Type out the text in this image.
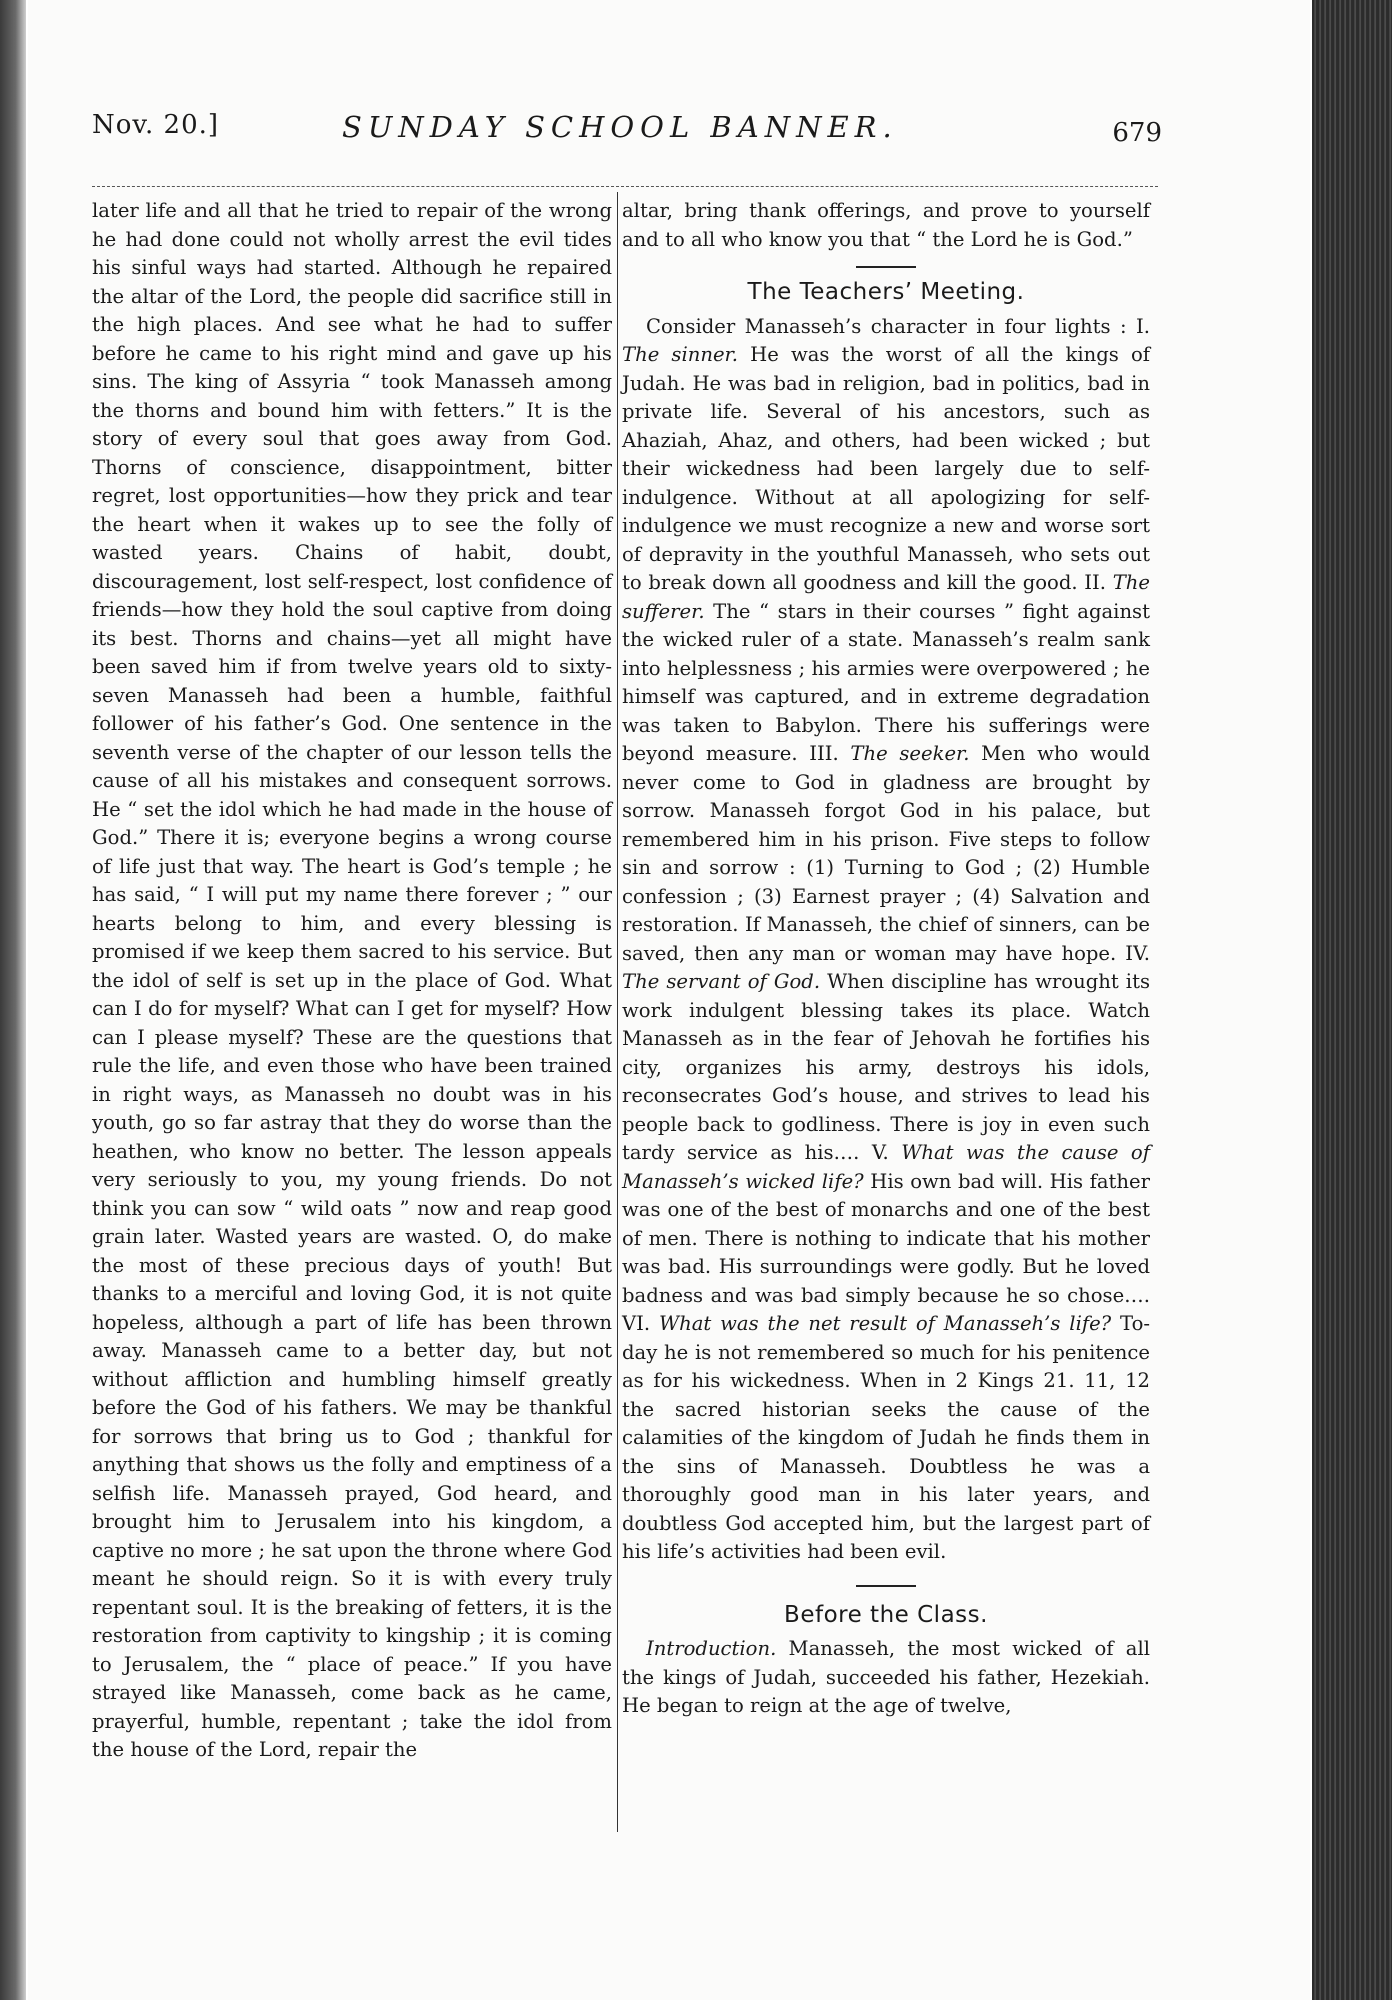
Nov. 20.]	SUNDAY SCHOOL BANNER.	679

later life and all that he tried to repair of the wrong he had done could not wholly arrest the evil tides his sinful ways had started. Although he repaired the altar of the Lord, the people did sacrifice still in the high places. And see what he had to suffer before he came to his right mind and gave up his sins. The king of Assyria “ took Manasseh among the thorns and bound him with fetters.” It is the story of every soul that goes away from God. Thorns of conscience, disappointment, bitter regret, lost opportunities—how they prick and tear the heart when it wakes up to see the folly of wasted years. Chains of habit, doubt, discouragement, lost self-respect, lost confidence of friends—how they hold the soul captive from doing its best. Thorns and chains—yet all might have been saved him if from twelve years old to sixty-seven Manasseh had been a humble, faithful follower of his father’s God. One sentence in the seventh verse of the chapter of our lesson tells the cause of all his mistakes and consequent sorrows. He “ set the idol which he had made in the house of God.” There it is; everyone begins a wrong course of life just that way. The heart is God’s temple ; he has said, “ I will put my name there forever ; ” our hearts belong to him, and every blessing is promised if we keep them sacred to his service. But the idol of self is set up in the place of God. What can I do for myself? What can I get for myself? How can I please myself? These are the questions that rule the life, and even those who have been trained in right ways, as Manasseh no doubt was in his youth, go so far astray that they do worse than the heathen, who know no better. The lesson appeals very seriously to you, my young friends. Do not think you can sow “ wild oats ” now and reap good grain later. Wasted years are wasted. O, do make the most of these precious days of youth! But thanks to a merciful and loving God, it is not quite hopeless, although a part of life has been thrown away. Manasseh came to a better day, but not without affliction and humbling himself greatly before the God of his fathers. We may be thankful for sorrows that bring us to God ; thankful for anything that shows us the folly and emptiness of a selfish life. Manasseh prayed, God heard, and brought him to Jerusalem into his kingdom, a captive no more ; he sat upon the throne where God meant he should reign. So it is with every truly repentant soul. It is the breaking of fetters, it is the restoration from captivity to kingship ; it is coming to Jerusalem, the “ place of peace.” If you have strayed like Manasseh, come back as he came, prayerful, humble, repentant ; take the idol from the house of the Lord, repair the

altar, bring thank offerings, and prove to yourself and to all who know you that “ the Lord he is God.”

The Teachers’ Meeting.

Consider Manasseh’s character in four lights : I. The sinner. He was the worst of all the kings of Judah. He was bad in religion, bad in politics, bad in private life. Several of his ancestors, such as Ahaziah, Ahaz, and others, had been wicked ; but their wickedness had been largely due to self-indulgence. Without at all apologizing for self-indulgence we must recognize a new and worse sort of depravity in the youthful Manasseh, who sets out to break down all goodness and kill the good. II. The sufferer. The “ stars in their courses ” fight against the wicked ruler of a state. Manasseh’s realm sank into helplessness ; his armies were overpowered ; he himself was captured, and in extreme degradation was taken to Babylon. There his sufferings were beyond measure. III. The seeker. Men who would never come to God in gladness are brought by sorrow. Manasseh forgot God in his palace, but remembered him in his prison. Five steps to follow sin and sorrow : (1) Turning to God ; (2) Humble confession ; (3) Earnest prayer ; (4) Salvation and restoration. If Manasseh, the chief of sinners, can be saved, then any man or woman may have hope. IV. The servant of God. When discipline has wrought its work indulgent blessing takes its place. Watch Manasseh as in the fear of Jehovah he fortifies his city, organizes his army, destroys his idols, reconsecrates God’s house, and strives to lead his people back to godliness. There is joy in even such tardy service as his…. V. What was the cause of Manasseh’s wicked life? His own bad will. His father was one of the best of monarchs and one of the best of men. There is nothing to indicate that his mother was bad. His surroundings were godly. But he loved badness and was bad simply because he so chose…. VI. What was the net result of Manasseh’s life? To-day he is not remembered so much for his penitence as for his wickedness. When in 2 Kings 21. 11, 12 the sacred historian seeks the cause of the calamities of the kingdom of Judah he finds them in the sins of Manasseh. Doubtless he was a thoroughly good man in his later years, and doubtless God accepted him, but the largest part of his life’s activities had been evil.

Before the Class.

Introduction. Manasseh, the most wicked of all the kings of Judah, succeeded his father, Hezekiah. He began to reign at the age of twelve,
